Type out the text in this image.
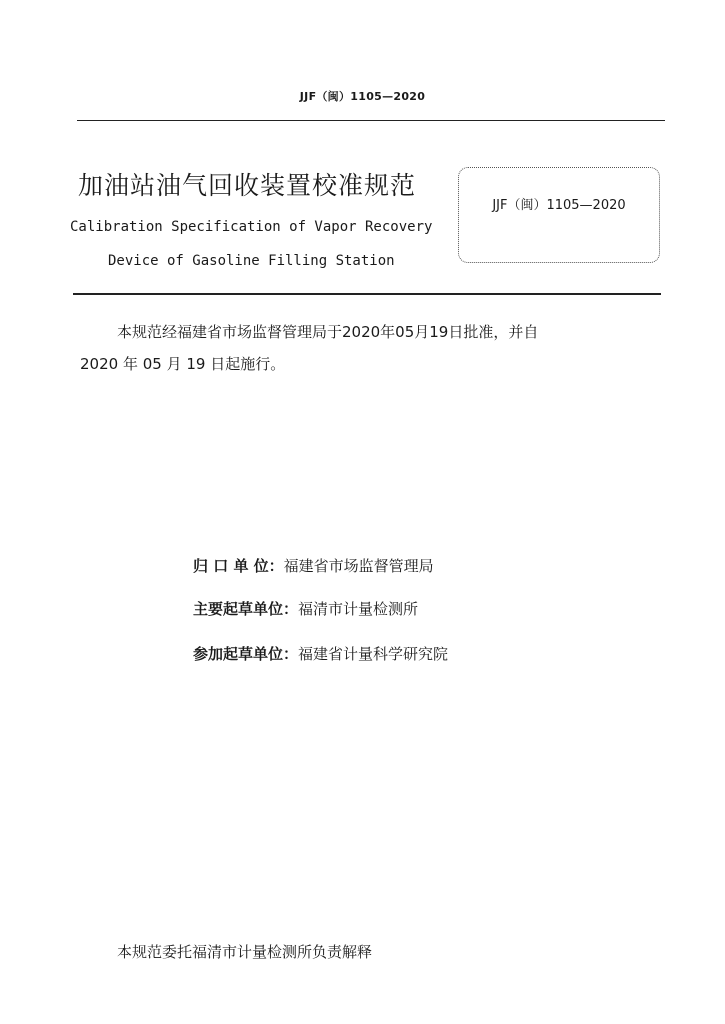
JJF（闽）1105—2020
加油站油气回收装置校准规范
Calibration Specification of Vapor Recovery
Device of Gasoline Filling Station
JJF（闽）1105—2020
本规范经福建省市场监督管理局于2020年05月19日批准，并自
2020 年 05 月 19 日起施行。
归 口 单 位：福建省市场监督管理局
主要起草单位：福清市计量检测所
参加起草单位：福建省计量科学研究院
本规范委托福清市计量检测所负责解释
